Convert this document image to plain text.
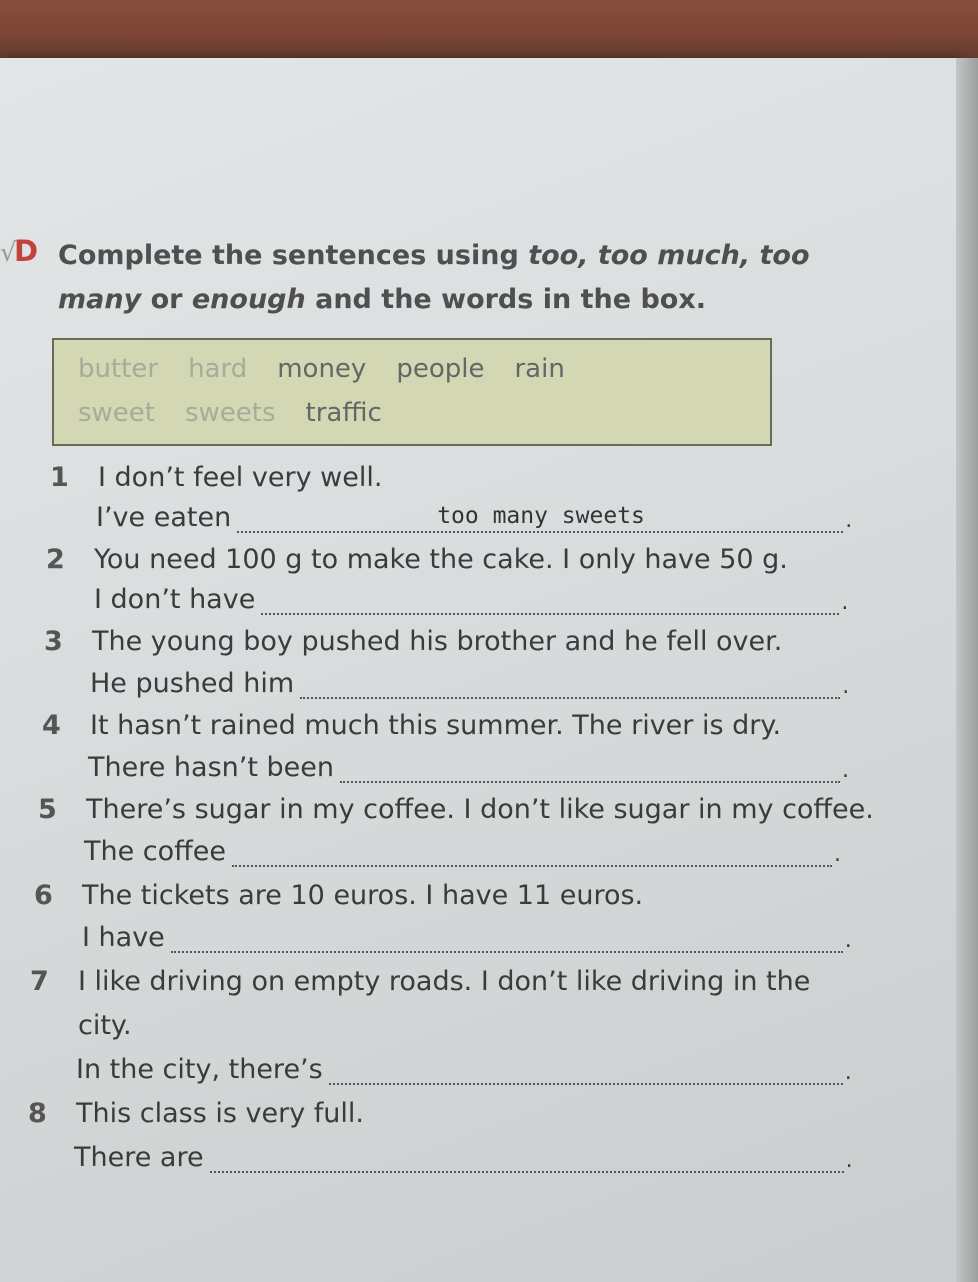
√
D Complete the sentences using too, too much, too many or enough and the words in the box.
butter hard money people rain
sweet sweets traffic
1 I don’t feel very well.
I’ve eaten	too many sweets	.
2 You need 100 g to make the cake. I only have 50 g.
I don’t have	.
3 The young boy pushed his brother and he fell over.
He pushed him	.
4 It hasn’t rained much this summer. The river is dry.
There hasn’t been	.
5 There’s sugar in my coffee. I don’t like sugar in my coffee.
The coffee	.
6 The tickets are 10 euros. I have 11 euros.
I have	.
7 I like driving on empty roads. I don’t like driving in the
city.
In the city, there’s	.
8 This class is very full.
There are	.
